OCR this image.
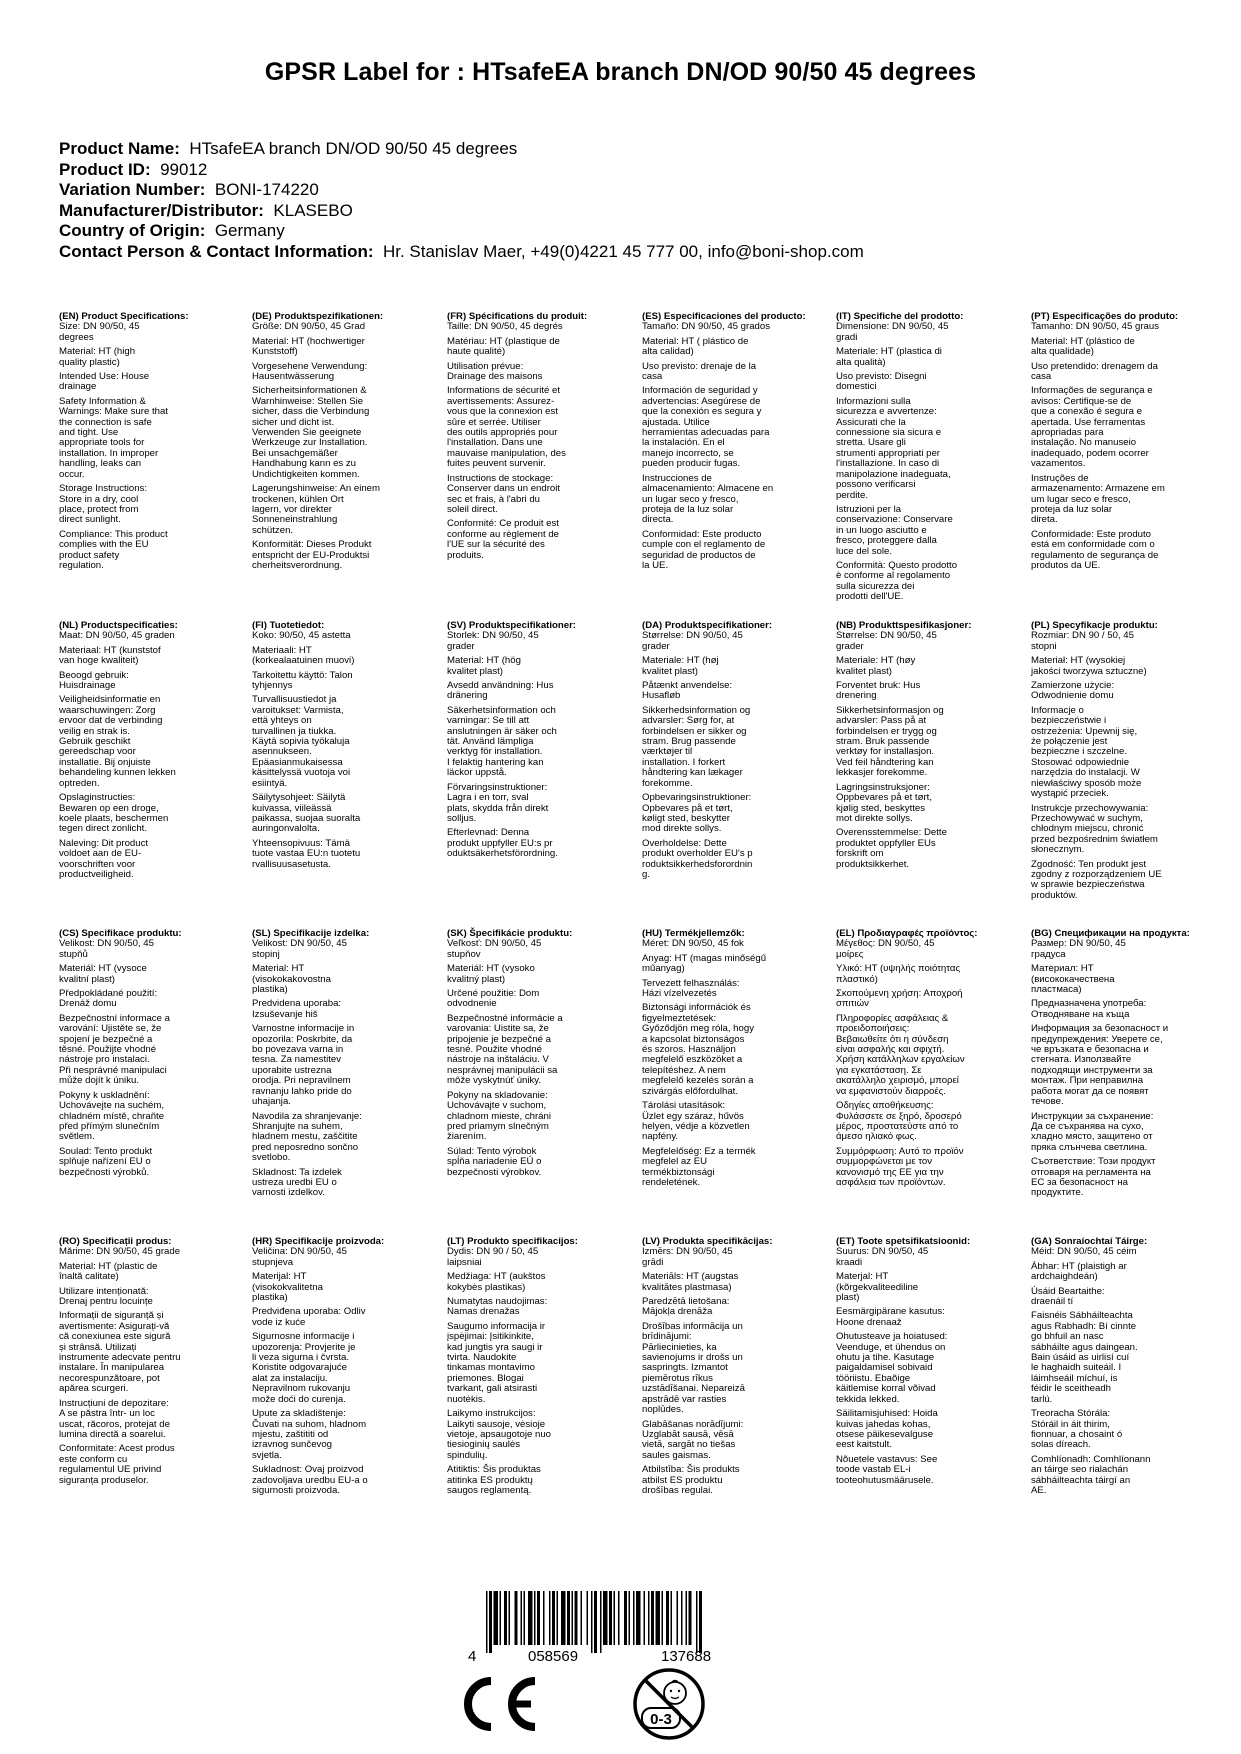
GPSR Label for : HTsafeEA branch DN/OD 90/50 45 degrees
Product Name: HTsafeEA branch DN/OD 90/50 45 degrees
Product ID: 99012
Variation Number: BONI-174220
Manufacturer/Distributor: KLASEBO
Country of Origin: Germany
Contact Person & Contact Information: Hr. Stanislav Maer, +49(0)4221 45 777 00, info@boni-shop.com
(EN) Product Specifications:
Size: DN 90/50, 45
degrees
Material: HT (high
quality plastic)
Intended Use: House
drainage
Safety Information &
Warnings: Make sure that
the connection is safe
and tight. Use
appropriate tools for
installation. In improper
handling, leaks can
occur.
Storage Instructions:
Store in a dry, cool
place, protect from
direct sunlight.
Compliance: This product
complies with the EU
product safety
regulation.
(DE) Produktspezifikationen:
Größe: DN 90/50, 45 Grad
Material: HT (hochwertiger
Kunststoff)
Vorgesehene Verwendung:
Hausentwässerung
Sicherheitsinformationen &
Warnhinweise: Stellen Sie
sicher, dass die Verbindung
sicher und dicht ist.
Verwenden Sie geeignete
Werkzeuge zur Installation.
Bei unsachgemäßer
Handhabung kann es zu
Undichtigkeiten kommen.
Lagerungshinweise: An einem
trockenen, kühlen Ort
lagern, vor direkter
Sonneneinstrahlung
schützen.
Konformität: Dieses Produkt
entspricht der EU-Produktsi
cherheitsverordnung.
(FR) Spécifications du produit:
Taille: DN 90/50, 45 degrés
Matériau: HT (plastique de
haute qualité)
Utilisation prévue:
Drainage des maisons
Informations de sécurité et
avertissements: Assurez-
vous que la connexion est
sûre et serrée. Utiliser
des outils appropriés pour
l'installation. Dans une
mauvaise manipulation, des
fuites peuvent survenir.
Instructions de stockage:
Conserver dans un endroit
sec et frais, à l'abri du
soleil direct.
Conformité: Ce produit est
conforme au règlement de
l'UE sur la sécurité des
produits.
(ES) Especificaciones del producto:
Tamaño: DN 90/50, 45 grados
Material: HT ( plástico de
alta calidad)
Uso previsto: drenaje de la
casa
Información de seguridad y
advertencias: Asegúrese de
que la conexión es segura y
ajustada. Utilice
herramientas adecuadas para
la instalación. En el
manejo incorrecto, se
pueden producir fugas.
Instrucciones de
almacenamiento: Almacene en
un lugar seco y fresco,
proteja de la luz solar
directa.
Conformidad: Este producto
cumple con el reglamento de
seguridad de productos de
la UE.
(IT) Specifiche del prodotto:
Dimensione: DN 90/50, 45
gradi
Materiale: HT (plastica di
alta qualità)
Uso previsto: Disegni
domestici
Informazioni sulla
sicurezza e avvertenze:
Assicurati che la
connessione sia sicura e
stretta. Usare gli
strumenti appropriati per
l'installazione. In caso di
manipolazione inadeguata,
possono verificarsi
perdite.
Istruzioni per la
conservazione: Conservare
in un luogo asciutto e
fresco, proteggere dalla
luce del sole.
Conformità: Questo prodotto
è conforme al regolamento
sulla sicurezza dei
prodotti dell'UE.
(PT) Especificações do produto:
Tamanho: DN 90/50, 45 graus
Material: HT (plástico de
alta qualidade)
Uso pretendido: drenagem da
casa
Informações de segurança e
avisos: Certifique-se de
que a conexão é segura e
apertada. Use ferramentas
apropriadas para
instalação. No manuseio
inadequado, podem ocorrer
vazamentos.
Instruções de
armazenamento: Armazene em
um lugar seco e fresco,
proteja da luz solar
direta.
Conformidade: Este produto
está em conformidade com o
regulamento de segurança de
produtos da UE.
(NL) Productspecificaties:
Maat: DN 90/50, 45 graden
Materiaal: HT (kunststof
van hoge kwaliteit)
Beoogd gebruik:
Huisdrainage
Veiligheidsinformatie en
waarschuwingen: Zorg
ervoor dat de verbinding
veilig en strak is.
Gebruik geschikt
gereedschap voor
installatie. Bij onjuiste
behandeling kunnen lekken
optreden.
Opslaginstructies:
Bewaren op een droge,
koele plaats, beschermen
tegen direct zonlicht.
Naleving: Dit product
voldoet aan de EU-
voorschriften voor
productveiligheid.
(FI) Tuotetiedot:
Koko: 90/50, 45 astetta
Materiaali: HT
(korkealaatuinen muovi)
Tarkoitettu käyttö: Talon
tyhjennys
Turvallisuustiedot ja
varoitukset: Varmista,
että yhteys on
turvallinen ja tiukka.
Käytä sopivia työkaluja
asennukseen.
Epäasianmukaisessa
käsittelyssä vuotoja voi
esiintyä.
Säilytysohjeet: Säilytä
kuivassa, viileässä
paikassa, suojaa suoralta
auringonvalolta.
Yhteensopivuus: Tämä
tuote vastaa EU:n tuotetu
rvallisuusasetusta.
(SV) Produktspecifikationer:
Storlek: DN 90/50, 45
grader
Material: HT (hög
kvalitet plast)
Avsedd användning: Hus
dränering
Säkerhetsinformation och
varningar: Se till att
anslutningen är säker och
tät. Använd lämpliga
verktyg för installation.
I felaktig hantering kan
läckor uppstå.
Förvaringsinstruktioner:
Lagra i en torr, sval
plats, skydda från direkt
solljus.
Efterlevnad: Denna
produkt uppfyller EU:s pr
oduktsäkerhetsförordning.
(DA) Produktspecifikationer:
Størrelse: DN 90/50, 45
grader
Materiale: HT (høj
kvalitet plast)
Påtænkt anvendelse:
Husafløb
Sikkerhedsinformation og
advarsler: Sørg for, at
forbindelsen er sikker og
stram. Brug passende
værktøjer til
installation. I forkert
håndtering kan lækager
forekomme.
Opbevaringsinstruktioner:
Opbevares på et tørt,
køligt sted, beskytter
mod direkte sollys.
Overholdelse: Dette
produkt overholder EU's p
roduktsikkerhedsforordnin
g.
(NB) Produkttspesifikasjoner:
Størrelse: DN 90/50, 45
grader
Materiale: HT (høy
kvalitet plast)
Forventet bruk: Hus
drenering
Sikkerhetsinformasjon og
advarsler: Pass på at
forbindelsen er trygg og
stram. Bruk passende
verktøy for installasjon.
Ved feil håndtering kan
lekkasjer forekomme.
Lagringsinstruksjoner:
Oppbevares på et tørt,
kjølig sted, beskyttes
mot direkte sollys.
Overensstemmelse: Dette
produktet oppfyller EUs
forskrift om
produktsikkerhet.
(PL) Specyfikacje produktu:
Rozmiar: DN 90 / 50, 45
stopni
Materiał: HT (wysokiej
jakości tworzywa sztuczne)
Zamierzone użycie:
Odwodnienie domu
Informacje o
bezpieczeństwie i
ostrzeżenia: Upewnij się,
że połączenie jest
bezpieczne i szczelne.
Stosować odpowiednie
narzędzia do instalacji. W
niewłaściwy sposób może
wystąpić przeciek.
Instrukcje przechowywania:
Przechowywać w suchym,
chłodnym miejscu, chronić
przed bezpośrednim światłem
słonecznym.
Zgodność: Ten produkt jest
zgodny z rozporządzeniem UE
w sprawie bezpieczeństwa
produktów.
(CS) Specifikace produktu:
Velikost: DN 90/50, 45
stupňů
Materiál: HT (vysoce
kvalitní plast)
Předpokládané použití:
Drenáž domu
Bezpečnostní informace a
varování: Ujistěte se, že
spojení je bezpečné a
těsné. Použijte vhodné
nástroje pro instalaci.
Při nesprávné manipulaci
může dojít k úniku.
Pokyny k uskladnění:
Uchovávejte na suchém,
chladném místě, chraňte
před přímým slunečním
světlem.
Soulad: Tento produkt
splňuje nařízení EU o
bezpečnosti výrobků.
(SL) Specifikacije izdelka:
Velikost: DN 90/50, 45
stopinj
Material: HT
(visokokakovostna
plastika)
Predvidena uporaba:
Izsuševanje hiš
Varnostne informacije in
opozorila: Poskrbite, da
bo povezava varna in
tesna. Za namestitev
uporabite ustrezna
orodja. Pri nepravilnem
ravnanju lahko pride do
uhajanja.
Navodila za shranjevanje:
Shranjujte na suhem,
hladnem mestu, zaščitite
pred neposredno sončno
svetlobo.
Skladnost: Ta izdelek
ustreza uredbi EU o
varnosti izdelkov.
(SK) Špecifikácie produktu:
Veľkosť: DN 90/50, 45
stupňov
Materiál: HT (vysoko
kvalitný plast)
Určené použitie: Dom
odvodnenie
Bezpečnostné informácie a
varovania: Uistite sa, že
pripojenie je bezpečné a
tesné. Použite vhodné
nástroje na inštaláciu. V
nesprávnej manipulácii sa
môže vyskytnúť úniky.
Pokyny na skladovanie:
Uchovávajte v suchom,
chladnom mieste, chráni
pred priamym slnečným
žiarením.
Súlad: Tento výrobok
spĺňa nariadenie EÚ o
bezpečnosti výrobkov.
(HU) Termékjellemzők:
Méret: DN 90/50, 45 fok
Anyag: HT (magas minőségű
műanyag)
Tervezett felhasználás:
Házi vízelvezetés
Biztonsági információk és
figyelmeztetések:
Győződjön meg róla, hogy
a kapcsolat biztonságos
és szoros. Használjon
megfelelő eszközöket a
telepítéshez. A nem
megfelelő kezelés során a
szivárgás előfordulhat.
Tárolási utasítások:
Üzlet egy száraz, hűvös
helyen, védje a közvetlen
napfény.
Megfelelőség: Ez a termék
megfelel az EU
termékbiztonsági
rendeletének.
(EL) Προδιαγραφές προϊόντος:
Μέγεθος: DN 90/50, 45
μοίρες
Υλικό: HT (υψηλής ποιότητας
πλαστικό)
Σκοπούμενη χρήση: Αποχροή
σπιτιών
Πληροφορίες ασφάλειας &
προειδοποιήσεις:
Βεβαιωθείτε ότι η σύνδεση
είναι ασφαλής και σφιχτή.
Χρήση κατάλληλων εργαλείων
για εγκατάσταση. Σε
ακατάλληλο χειρισμό, μπορεί
να εμφανιστούν διαρροές.
Οδηγίες αποθήκευσης:
Φυλάσσετε σε ξηρό, δροσερό
μέρος, προστατεύστε από το
άμεσο ηλιακό φως.
Συμμόρφωση: Αυτό το προϊόν
συμμορφώνεται με τον
κανονισμό της ΕΕ για την
ασφάλεια των προϊόντων.
(BG) Спецификации на продукта:
Размер: DN 90/50, 45
градуса
Материал: HT
(висококачествена
пластмаса)
Предназначена употреба:
Отводняване на къща
Информация за безопасност и
предупреждения: Уверете се,
че връзката е безопасна и
стегната. Използвайте
подходящи инструменти за
монтаж. При неправилна
работа могат да се появят
течове.
Инструкции за съхранение:
Да се съхранява на сухо,
хладно място, защитено от
пряка слънчева светлина.
Съответствие: Този продукт
отговаря на регламента на
ЕС за безопасност на
продуктите.
(RO) Specificații produs:
Mărime: DN 90/50, 45 grade
Material: HT (plastic de
înaltă calitate)
Utilizare intenționată:
Drenaj pentru locuințe
Informații de siguranță și
avertismente: Asigurați-vă
că conexiunea este sigură
și strânsă. Utilizați
instrumente adecvate pentru
instalare. În manipularea
necorespunzătoare, pot
apărea scurgeri.
Instrucțiuni de depozitare:
A se păstra într- un loc
uscat, răcoros, protejat de
lumina directă a soarelui.
Conformitate: Acest produs
este conform cu
regulamentul UE privind
siguranța produselor.
(HR) Specifikacije proizvoda:
Veličina: DN 90/50, 45
stupnjeva
Materijal: HT
(visokokvalitetna
plastika)
Predviđena uporaba: Odliv
vode iz kuće
Sigurnosne informacije i
upozorenja: Provjerite je
li veza sigurna i čvrsta.
Koristite odgovarajuće
alat za instalaciju.
Nepravilnom rukovanju
može doći do curenja.
Upute za skladištenje:
Čuvati na suhom, hladnom
mjestu, zaštititi od
izravnog sunčevog
svjetla.
Sukladnost: Ovaj proizvod
zadovoljava uredbu EU-a o
sigurnosti proizvoda.
(LT) Produkto specifikacijos:
Dydis: DN 90 / 50, 45
laipsniai
Medžiaga: HT (aukštos
kokybės plastikas)
Numatytas naudojimas:
Namas drenažas
Saugumo informacija ir
įspėjimai: Įsitikinkite,
kad jungtis yra saugi ir
tvirta. Naudokite
tinkamas montavimo
priemones. Blogai
tvarkant, gali atsirasti
nuotėkis.
Laikymo instrukcijos:
Laikyti sausoje, vėsioje
vietoje, apsaugotoje nuo
tiesioginių saulės
spindulių.
Atitiktis: Šis produktas
atitinka ES produktų
saugos reglamentą.
(LV) Produkta specifikācijas:
Izmērs: DN 90/50, 45
grādi
Materiāls: HT (augstas
kvalitātes plastmasa)
Paredzētā lietošana:
Mājokļa drenāža
Drošības informācija un
brīdinājumi:
Pārliecinieties, ka
savienojums ir drošs un
saspringts. Izmantot
piemērotus rīkus
uzstādīšanai. Nepareizā
apstrādē var rasties
noplūdes.
Glabāšanas norādījumi:
Uzglabāt sausā, vēsā
vietā, sargāt no tiešas
saules gaismas.
Atbilstība: Šis produkts
atbilst ES produktu
drošības regulai.
(ET) Toote spetsifikatsioonid:
Suurus: DN 90/50, 45
kraadi
Materjal: HT
(kõrgekvaliteediline
plast)
Eesmärgipärane kasutus:
Hoone drenaaž
Ohutusteave ja hoiatused:
Veenduge, et ühendus on
ohutu ja tihe. Kasutage
paigaldamisel sobivaid
tööriistu. Ebaõige
käitlemise korral võivad
tekkida lekked.
Säilitamisjuhised: Hoida
kuivas jahedas kohas,
otsese päikesevalguse
eest kaitstult.
Nõuetele vastavus: See
toode vastab EL-i
tooteohutusmäärusele.
(GA) Sonraíochtaí Táirge:
Méid: DN 90/50, 45 céim
Ábhar: HT (plaistigh ar
ardchaighdeán)
Úsáid Beartaithe:
draenáil tí
Faisnéis Sábháilteachta
agus Rabhadh: Bí cinnte
go bhfuil an nasc
sábháilte agus daingean.
Bain úsáid as uirlisí cuí
le haghaidh suiteáil. I
láimhseáil míchuí, is
féidir le sceitheadh
tarlú.
Treoracha Stórála:
Stóráil in áit thirim,
fionnuar, a chosaint ó
solas díreach.
Comhlíonadh: Comhlíonann
an táirge seo rialachán
sábháilteachta táirgí an
AE.
4	058569	137688
0-3
